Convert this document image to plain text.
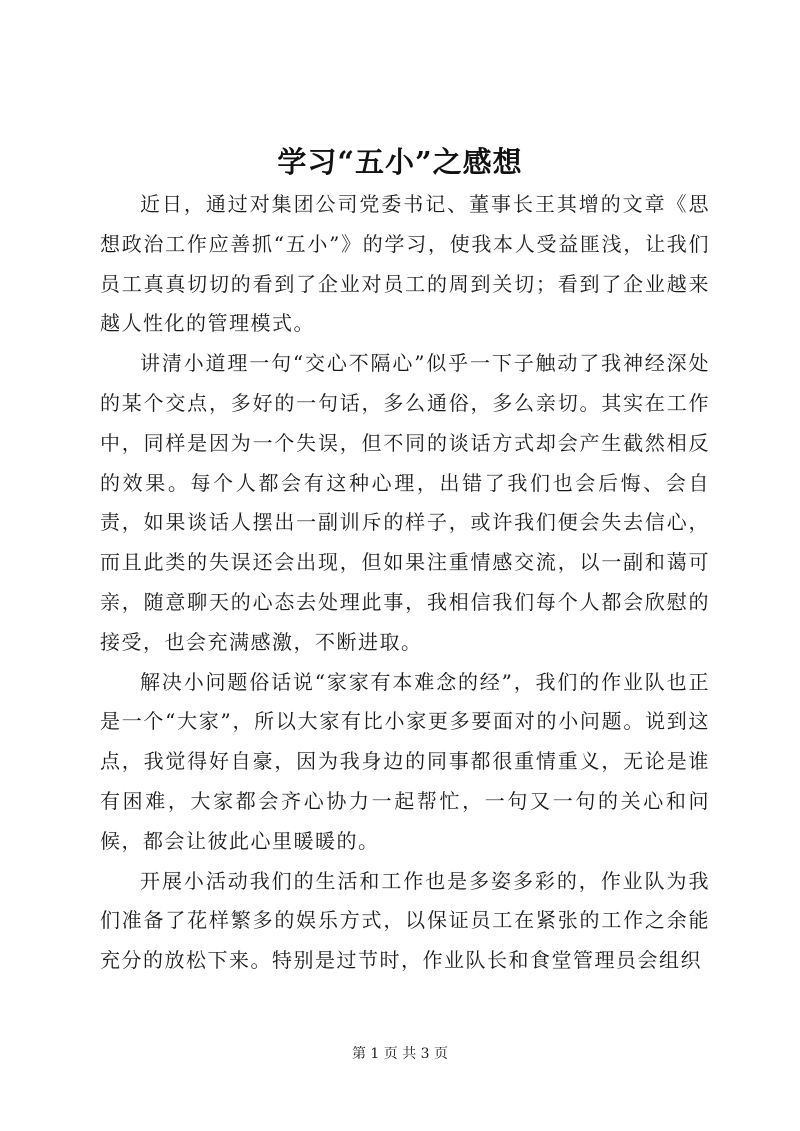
学习“五小”之感想

近日，通过对集团公司党委书记、董事长王其增的文章《思想政治工作应善抓“五小”》的学习，使我本人受益匪浅，让我们员工真真切切的看到了企业对员工的周到关切；看到了企业越来越人性化的管理模式。

讲清小道理一句“交心不隔心”似乎一下子触动了我神经深处的某个交点，多好的一句话，多么通俗，多么亲切。其实在工作中，同样是因为一个失误，但不同的谈话方式却会产生截然相反的效果。每个人都会有这种心理，出错了我们也会后悔、会自责，如果谈话人摆出一副训斥的样子，或许我们便会失去信心，而且此类的失误还会出现，但如果注重情感交流，以一副和蔼可亲，随意聊天的心态去处理此事，我相信我们每个人都会欣慰的接受，也会充满感激，不断进取。

解决小问题俗话说“家家有本难念的经”，我们的作业队也正是一个“大家”，所以大家有比小家更多要面对的小问题。说到这点，我觉得好自豪，因为我身边的同事都很重情重义，无论是谁有困难，大家都会齐心协力一起帮忙，一句又一句的关心和问候，都会让彼此心里暖暖的。

开展小活动我们的生活和工作也是多姿多彩的，作业队为我们准备了花样繁多的娱乐方式，以保证员工在紧张的工作之余能充分的放松下来。特别是过节时，作业队长和食堂管理员会组织

第 1 页 共 3 页
